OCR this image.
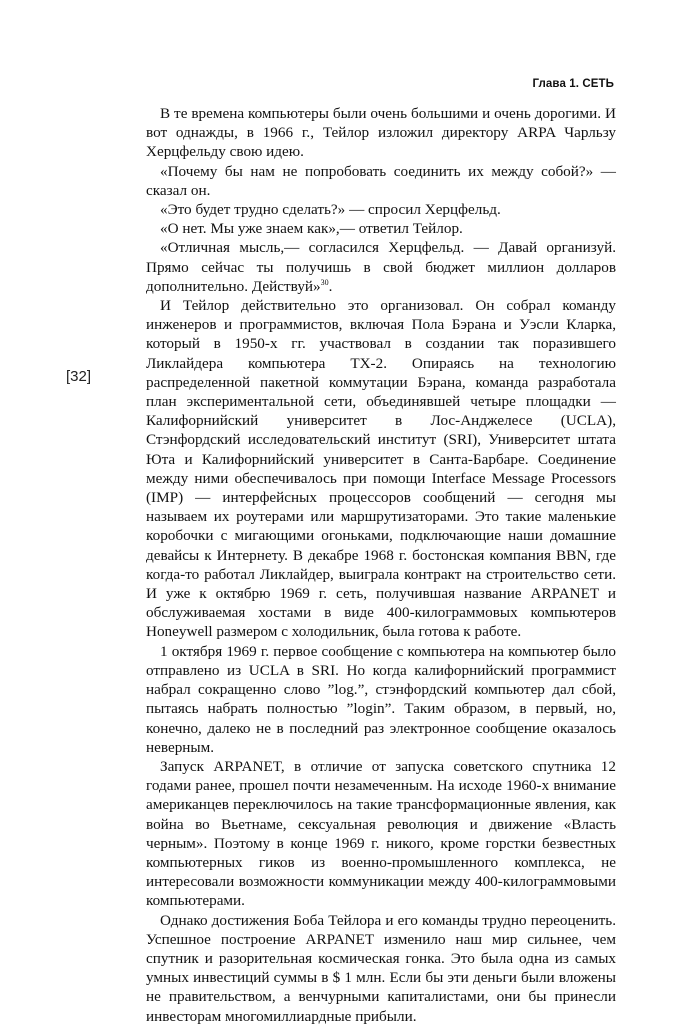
Глава 1. СЕТЬ
[32]

В те времена компьютеры были очень большими и очень дорогими. И вот однажды, в 1966 г., Тейлор изложил директору ARPA Чарльзу Херцфельду свою идею.

«Почему бы нам не попробовать соединить их между собой?» — сказал он.

«Это будет трудно сделать?» — спросил Херцфельд.

«О нет. Мы уже знаем как»,— ответил Тейлор.

«Отличная мысль,— согласился Херцфельд. — Давай организуй. Прямо сейчас ты получишь в свой бюджет миллион долларов дополнительно. Действуй»$^{30}$.

И Тейлор действительно это организовал. Он собрал команду инженеров и программистов, включая Пола Бэрана и Уэсли Кларка, который в 1950-х гг. участвовал в создании так поразившего Ликлайдера компьютера TX-2. Опираясь на технологию распределенной пакетной коммутации Бэрана, команда разработала план экспериментальной сети, объединявшей четыре площадки — Калифорнийский университет в Лос-Анджелесе (UCLA), Стэнфордский исследовательский институт (SRI), Университет штата Юта и Калифорнийский университет в Санта-Барбаре. Соединение между ними обеспечивалось при помощи Interface Message Processors (IMP) — интерфейсных процессоров сообщений — сегодня мы называем их роутерами или маршрутизаторами. Это такие маленькие коробочки с мигающими огоньками, подключающие наши домашние девайсы к Интернету. В декабре 1968 г. бостонская компания BBN, где когда-то работал Ликлайдер, выиграла контракт на строительство сети. И уже к октябрю 1969 г. сеть, получившая название ARPANET и обслуживаемая хостами в виде 400-килограммовых компьютеров Honeywell размером с холодильник, была готова к работе.

1 октября 1969 г. первое сообщение с компьютера на компьютер было отправлено из UCLA в SRI. Но когда калифорнийский программист набрал сокращенно слово ”log.”, стэнфордский компьютер дал сбой, пытаясь набрать полностью ”login”. Таким образом, в первый, но, конечно, далеко не в последний раз электронное сообщение оказалось неверным.

Запуск ARPANET, в отличие от запуска советского спутника 12 годами ранее, прошел почти незамеченным. На исходе 1960-х внимание американцев переключилось на такие трансформационные явления, как война во Вьетнаме, сексуальная революция и движение «Власть черным». Поэтому в конце 1969 г. никого, кроме горстки безвестных компьютерных гиков из военно-промышленного комплекса, не интересовали возможности коммуникации между 400-килограммовыми компьютерами.

Однако достижения Боба Тейлора и его команды трудно переоценить. Успешное построение ARPANET изменило наш мир сильнее, чем спутник и разорительная космическая гонка. Это была одна из самых умных инвестиций суммы в $ 1 млн. Если бы эти деньги были вложены не правительством, а венчурными капиталистами, они бы принесли инвесторам многомиллиардные прибыли.
